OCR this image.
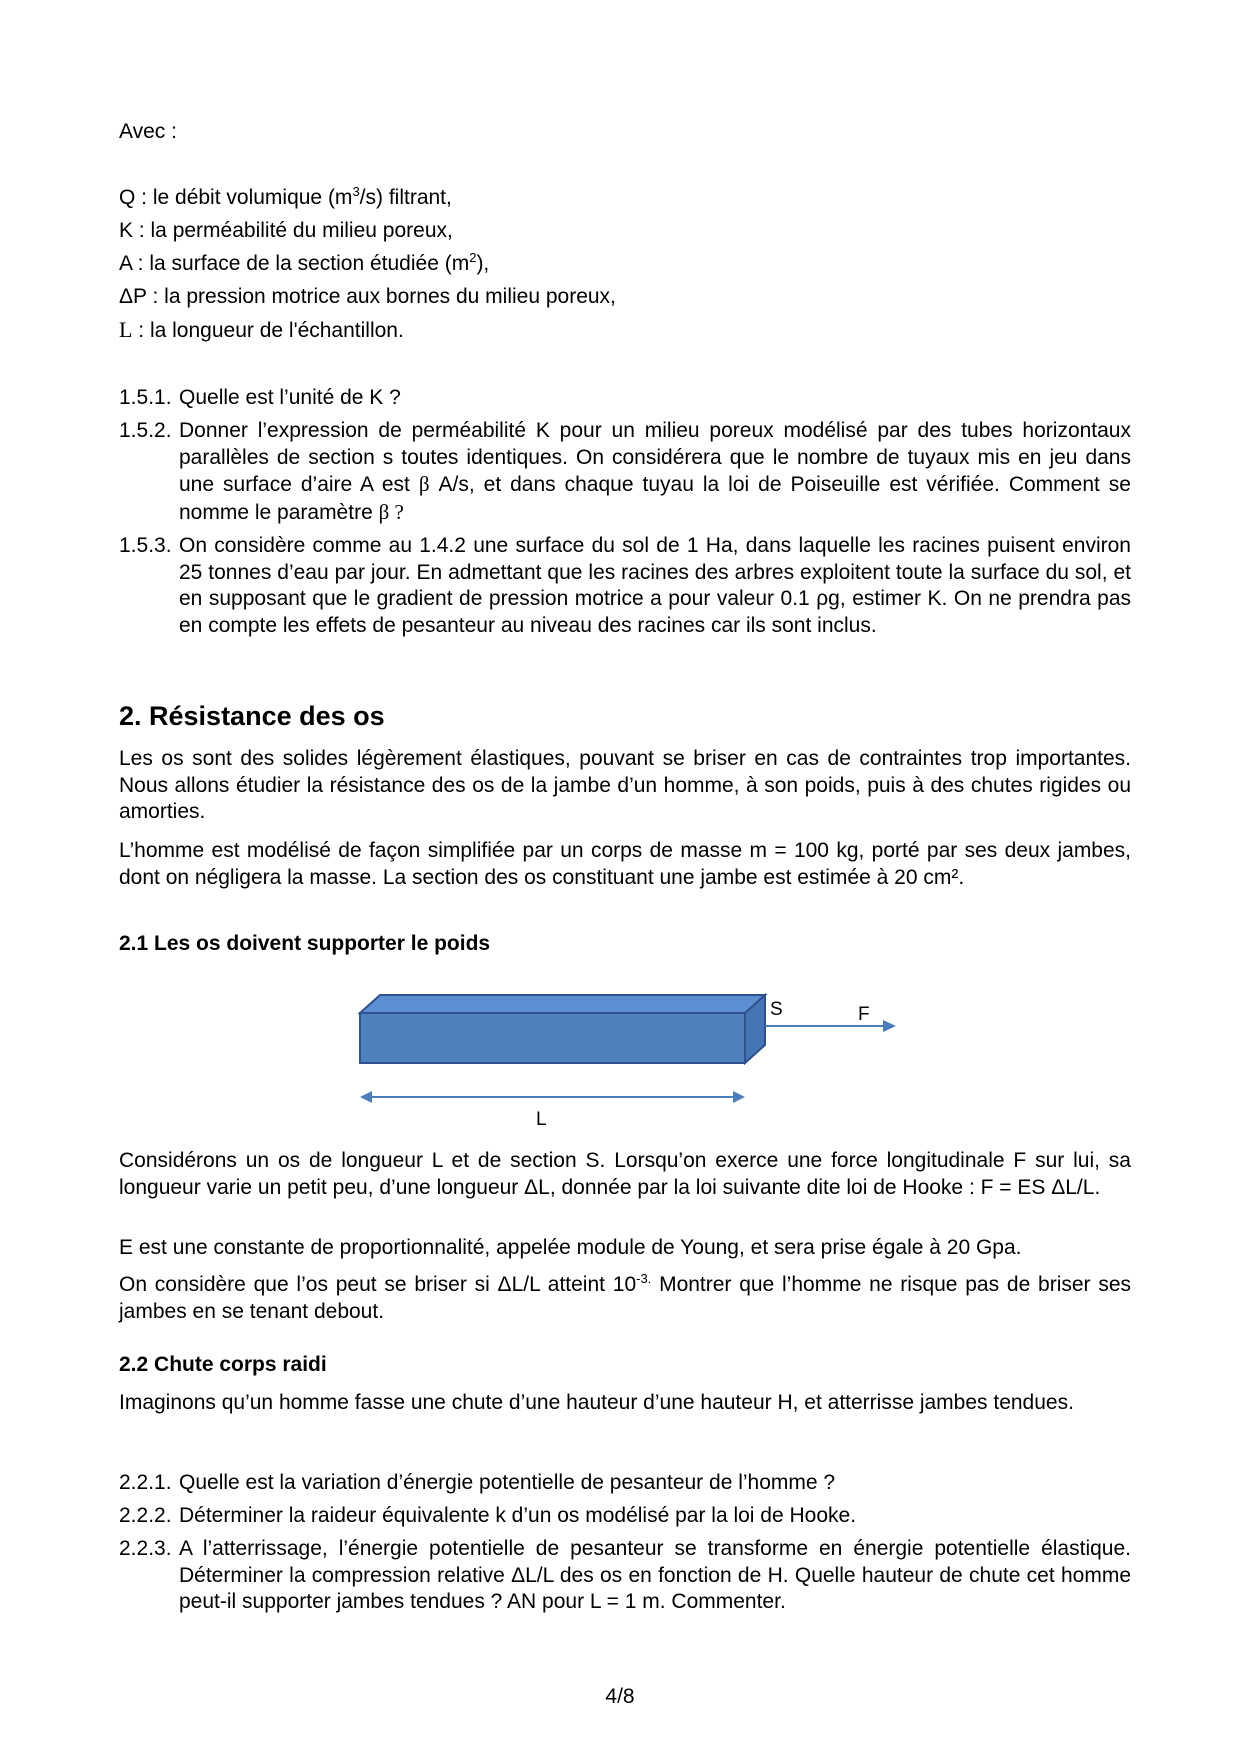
Avec :
Q : le débit volumique $(m^3/s)$ filtrant,
K : la perméabilité du milieu poreux,
A : la surface de la section étudiée $(m^2)$,
ΔP : la pression motrice aux bornes du milieu poreux,
L : la longueur de l'échantillon.
1.5.1. Quelle est l’unité de K ?
1.5.2. Donner l’expression de perméabilité K pour un milieu poreux modélisé par des tubes horizontaux parallèles de section s toutes identiques. On considérera que le nombre de tuyaux mis en jeu dans une surface d’aire A est β A/s, et dans chaque tuyau la loi de Poiseuille est vérifiée. Comment se nomme le paramètre β ?
1.5.3. On considère comme au 1.4.2 une surface du sol de 1 Ha, dans laquelle les racines puisent environ 25 tonnes d’eau par jour. En admettant que les racines des arbres exploitent toute la surface du sol, et en supposant que le gradient de pression motrice a pour valeur 0.1 ρg, estimer K. On ne prendra pas en compte les effets de pesanteur au niveau des racines car ils sont inclus.
2. Résistance des os
Les os sont des solides légèrement élastiques, pouvant se briser en cas de contraintes trop importantes. Nous allons étudier la résistance des os de la jambe d’un homme, à son poids, puis à des chutes rigides ou amorties.
L’homme est modélisé de façon simplifiée par un corps de masse m = 100 kg, porté par ses deux jambes, dont on négligera la masse. La section des os constituant une jambe est estimée à 20 cm².
2.1 Les os doivent supporter le poids
S	F
L
Considérons un os de longueur L et de section S. Lorsqu’on exerce une force longitudinale F sur lui, sa longueur varie un petit peu, d’une longueur ΔL, donnée par la loi suivante dite loi de Hooke : F = ES ΔL/L.
E est une constante de proportionnalité, appelée module de Young, et sera prise égale à 20 Gpa.
On considère que l’os peut se briser si ΔL/L atteint $10^{-3.}$ Montrer que l’homme ne risque pas de briser ses jambes en se tenant debout.
2.2 Chute corps raidi
Imaginons qu’un homme fasse une chute d’une hauteur d’une hauteur H, et atterrisse jambes tendues.
2.2.1. Quelle est la variation d’énergie potentielle de pesanteur de l’homme ?
2.2.2. Déterminer la raideur équivalente k d’un os modélisé par la loi de Hooke.
2.2.3. A l’atterrissage, l’énergie potentielle de pesanteur se transforme en énergie potentielle élastique. Déterminer la compression relative ΔL/L des os en fonction de H. Quelle hauteur de chute cet homme peut-il supporter jambes tendues ? AN pour L = 1 m. Commenter.
4/8
